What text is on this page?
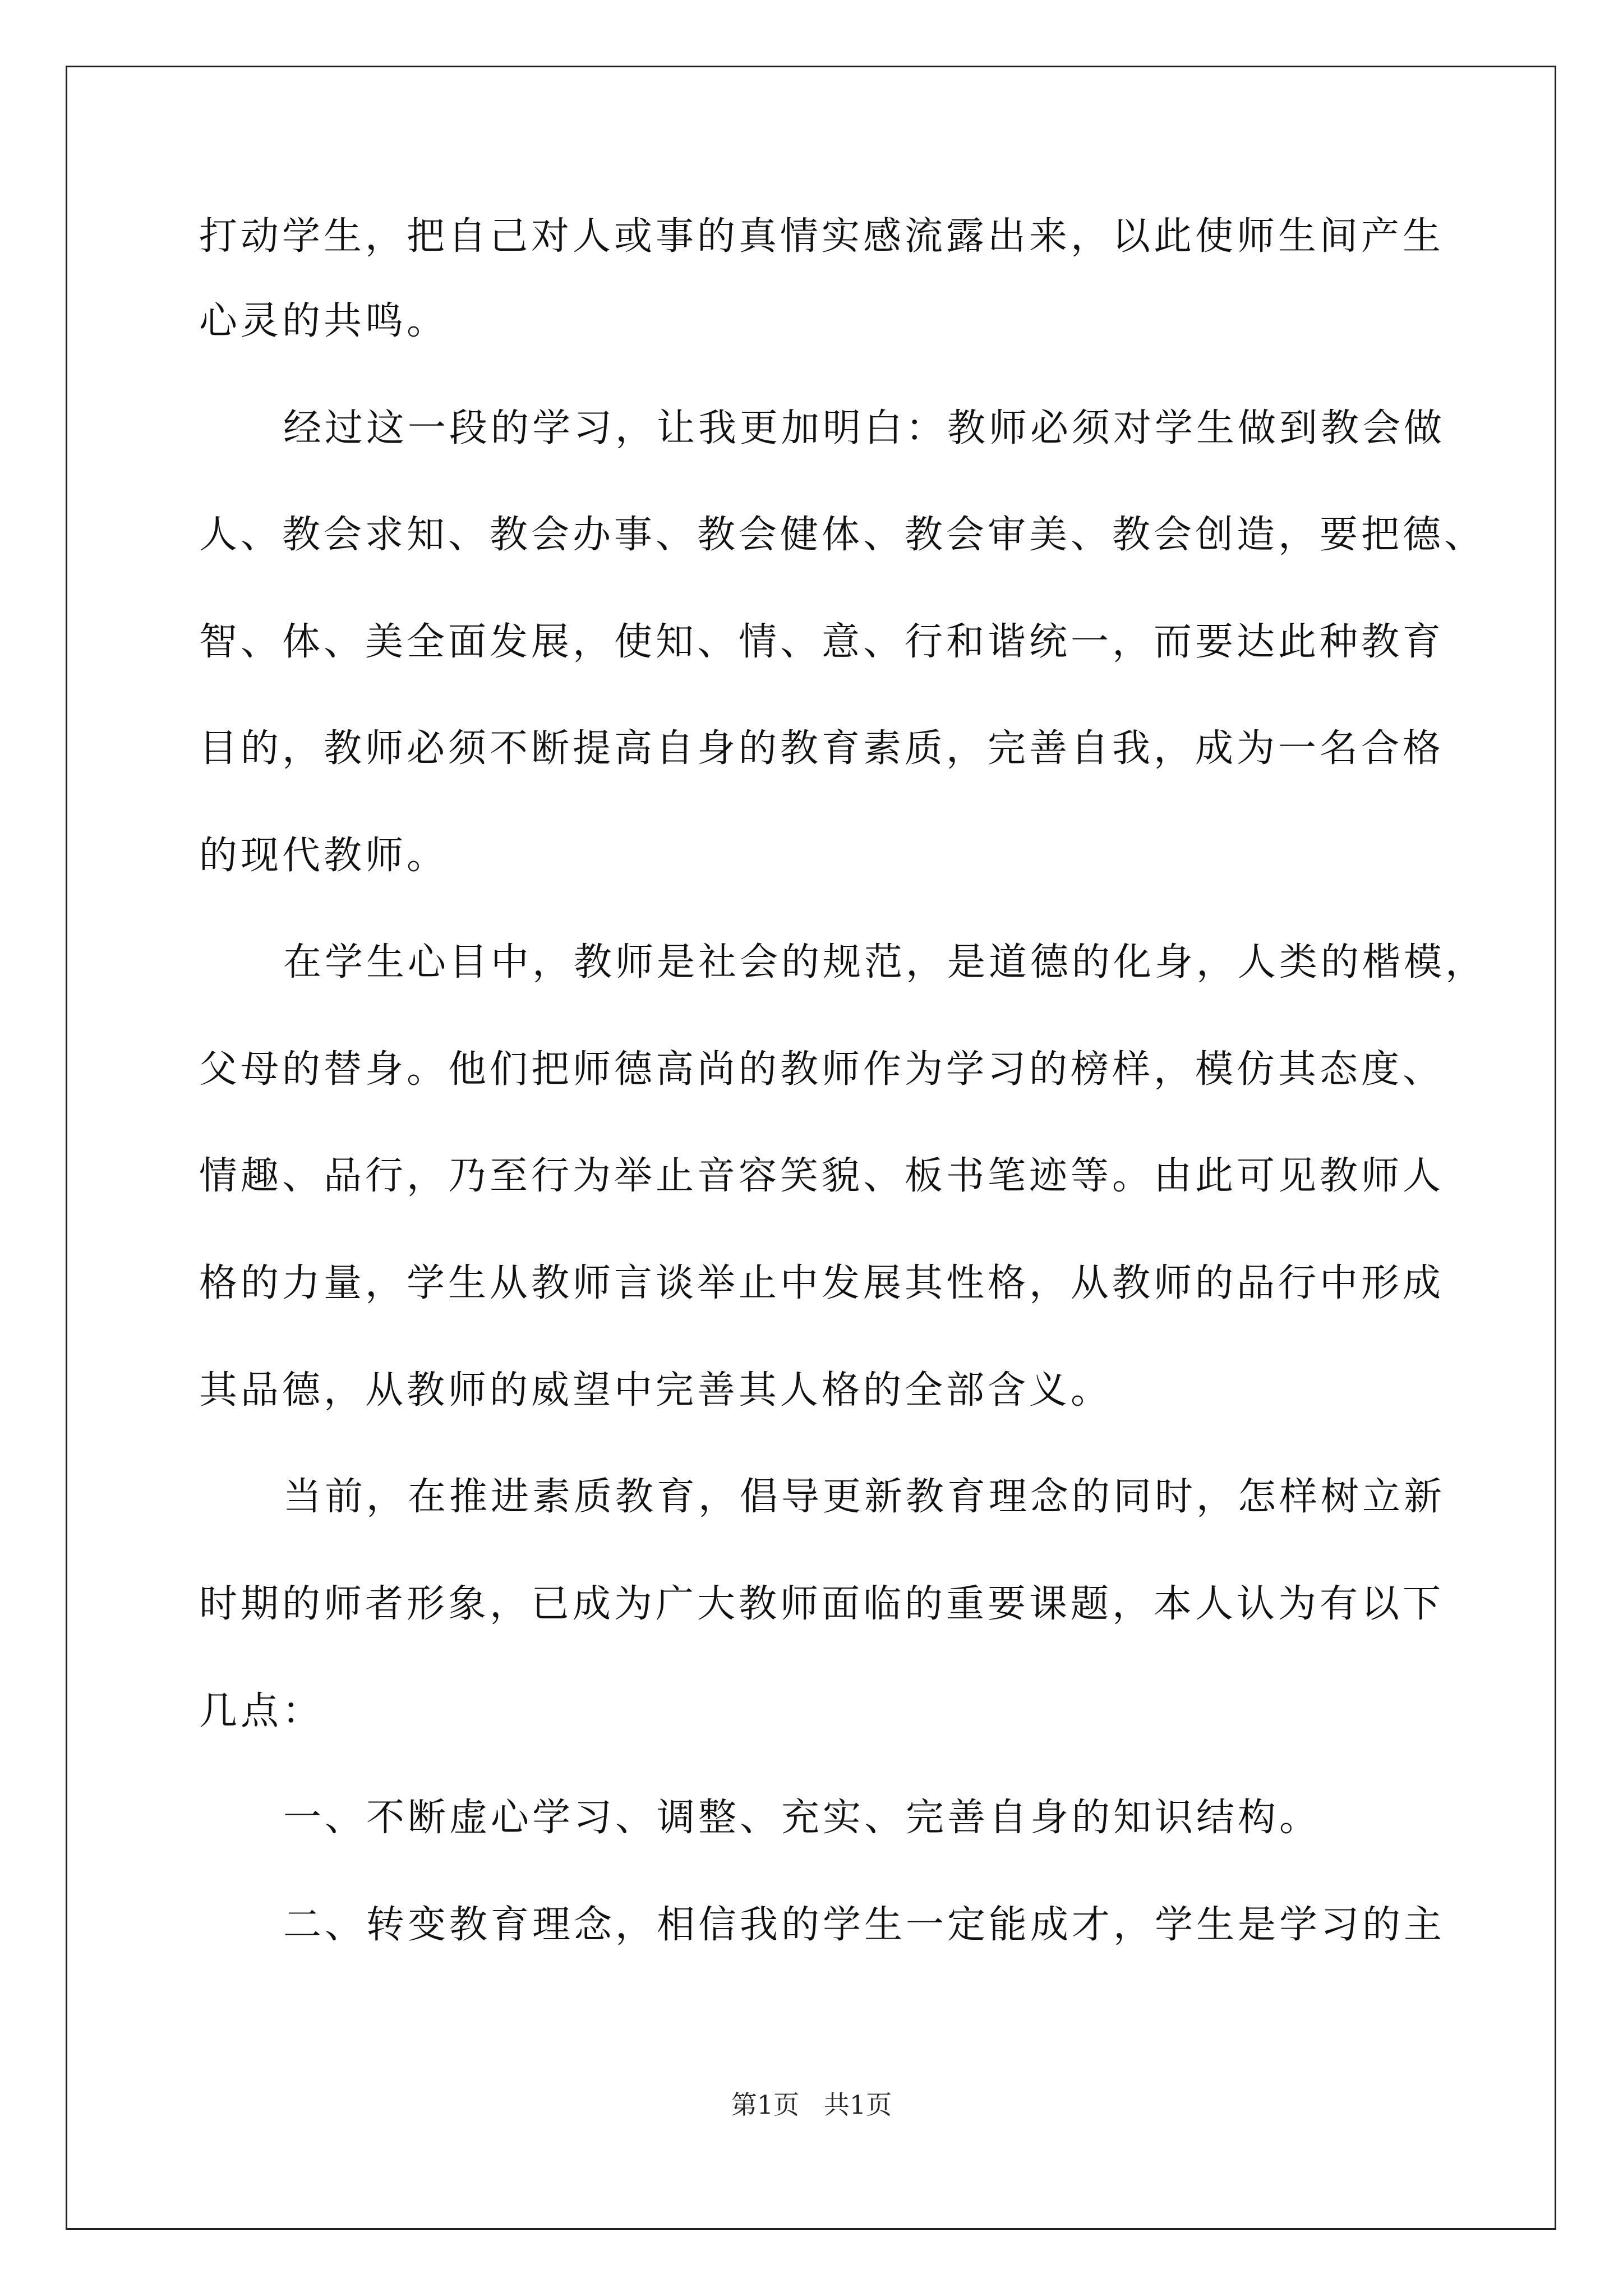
打动学生，把自己对人或事的真情实感流露出来，以此使师生间产生
心灵的共鸣。
经过这一段的学习，让我更加明白：教师必须对学生做到教会做
人、教会求知、教会办事、教会健体、教会审美、教会创造，要把德、
智、体、美全面发展，使知、情、意、行和谐统一，而要达此种教育
目的，教师必须不断提高自身的教育素质，完善自我，成为一名合格
的现代教师。
在学生心目中，教师是社会的规范，是道德的化身，人类的楷模，
父母的替身。他们把师德高尚的教师作为学习的榜样，模仿其态度、
情趣、品行，乃至行为举止音容笑貌、板书笔迹等。由此可见教师人
格的力量，学生从教师言谈举止中发展其性格，从教师的品行中形成
其品德，从教师的威望中完善其人格的全部含义。
当前，在推进素质教育，倡导更新教育理念的同时，怎样树立新
时期的师者形象，已成为广大教师面临的重要课题，本人认为有以下
几点：
一、不断虚心学习、调整、充实、完善自身的知识结构。
二、转变教育理念，相信我的学生一定能成才，学生是学习的主
第1页   共1页
